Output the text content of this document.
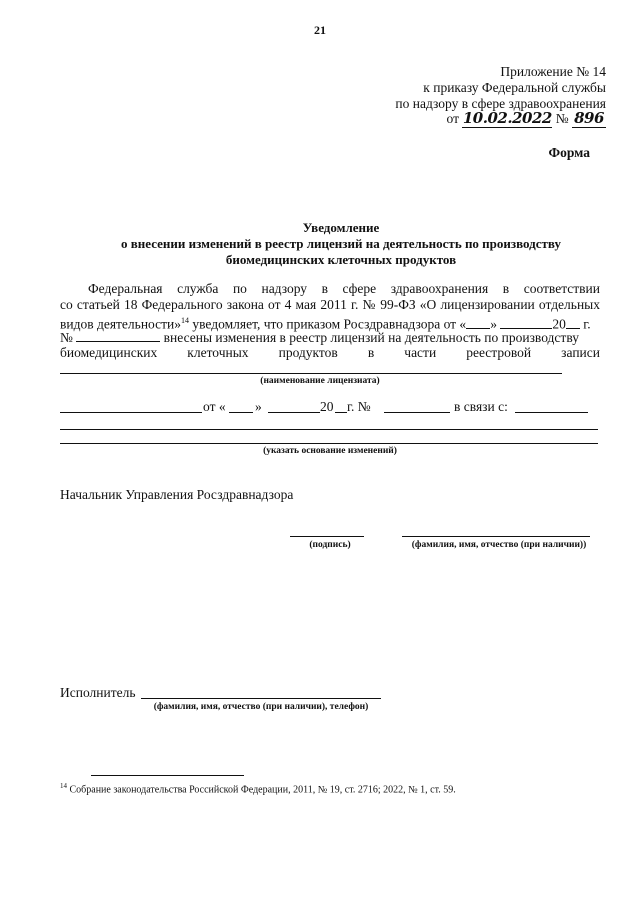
21
Приложение № 14
к приказу Федеральной службы
по надзору в сфере здравоохранения
от 10.02.2022 № 896
Форма
Уведомление
о внесении изменений в реестр лицензий на деятельность по производству
биомедицинских клеточных продуктов
Федеральная служба по надзору в сфере здравоохранения в соответствии
со статьей 18 Федерального закона от 4 мая 2011 г. № 99-ФЗ «О лицензировании отдельных
видов деятельности»$^{14}$ уведомляет, что приказом Росздравнадзора от « »	20 г.
№	внесены изменения в реестр лицензий на деятельность по производству
биомедицинских клеточных продуктов в части реестровой записи
(наименование лицензиата)
от « »	20 г. №	в связи с:
(указать основание изменений)
Начальник Управления Росздравнадзора
(подпись)	(фамилия, имя, отчество (при наличии))
Исполнитель
(фамилия, имя, отчество (при наличии), телефон)
$^{14}$ Собрание законодательства Российской Федерации, 2011, № 19, ст. 2716; 2022, № 1, ст. 59.
